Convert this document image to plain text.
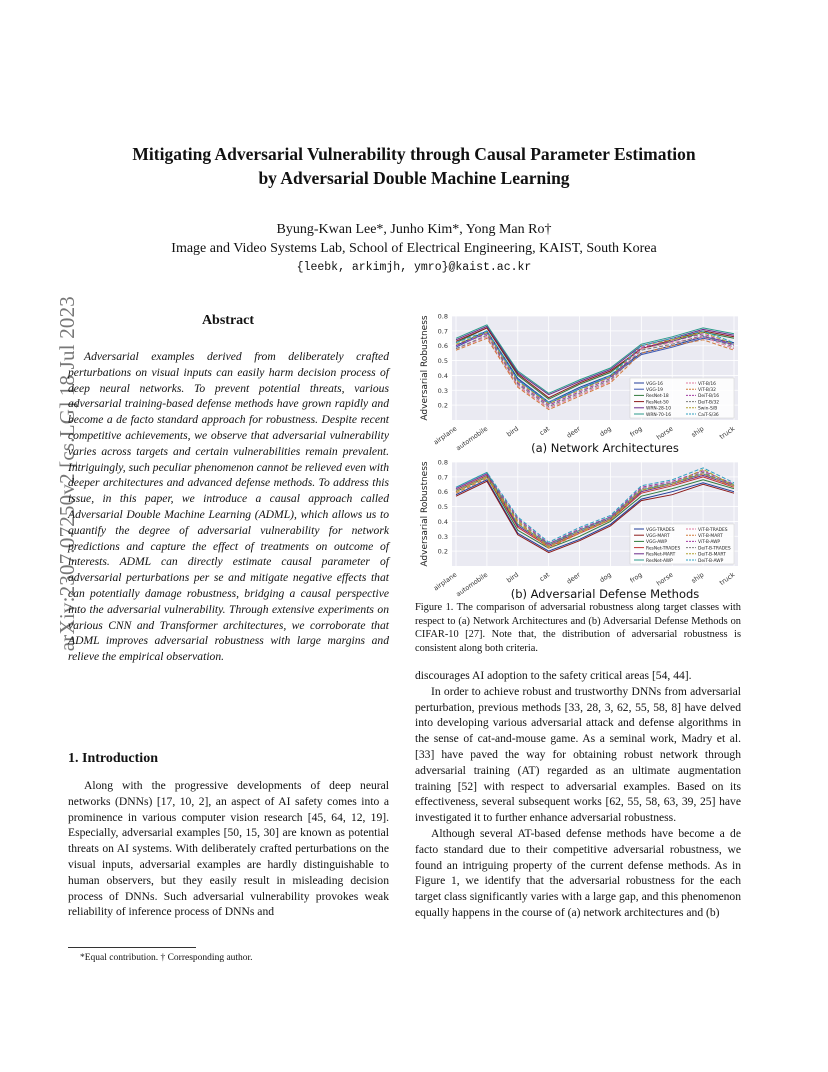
Mitigating Adversarial Vulnerability through Causal Parameter Estimation
by Adversarial Double Machine Learning
Byung-Kwan Lee*, Junho Kim*, Yong Man Ro†
Image and Video Systems Lab, School of Electrical Engineering, KAIST, South Korea
{leebk, arkimjh, ymro}@kaist.ac.kr
arXiv:2307.07250v2 [cs.LG] 18 Jul 2023	Abstract

Adversarial examples derived from deliberately crafted perturbations on visual inputs can easily harm decision process of deep neural networks. To prevent potential threats, various adversarial training-based defense methods have grown rapidly and become a de facto standard approach for robustness. Despite recent competitive achievements, we observe that adversarial vulnerability varies across targets and certain vulnerabilities remain prevalent. Intriguingly, such peculiar phenomenon cannot be relieved even with deeper architectures and advanced defense methods. To address this issue, in this paper, we introduce a causal approach called Adversarial Double Machine Learning (ADML), which allows us to quantify the degree of adversarial vulnerability for network predictions and capture the effect of treatments on outcome of interests. ADML can directly estimate causal parameter of adversarial perturbations per se and mitigate negative effects that can potentially damage robustness, bridging a causal perspective into the adversarial vulnerability. Through extensive experiments on various CNN and Transformer architectures, we corroborate that ADML improves adversarial robustness with large margins and relieve the empirical observation.

1. Introduction

Along with the progressive developments of deep neural networks (DNNs) [17, 10, 2], an aspect of AI safety comes into a prominence in various computer vision research [45, 64, 12, 19]. Especially, adversarial examples [50, 15, 30] are known as potential threats on AI systems. With deliberately crafted perturbations on the visual inputs, adversarial examples are hardly distinguishable to human observers, but they easily result in misleading decision process of DNNs. Such adversarial vulnerability provokes weak reliability of inference process of DNNs and

*Equal contribution. † Corresponding author.
0.2
0.3
0.4
0.5
0.6
0.7
0.8
airplane
automobile bird	cat deer	dog frog horse ship truck
VGG-16
VGG-19
ResNet-18
ResNet-50
WRN-28-10
WRN-70-16
ViT-B/16
ViT-B/32
DeiT-B/16
DeiT-B/32
Swin-S/B
CaiT-S/36
Adversarial Robustness
(a) Network Architectures
0.2
0.3
0.4
0.5
0.6
0.7
0.8
airplane
automobile bird	cat deer	dog frog horse ship truck
VGG-TRADES
VGG-MART
VGG-AWP
ResNet-TRADES
ResNet-MART
ResNet-AWP
ViT-B-TRADES
ViT-B-MART
ViT-B-AWP
DeiT-B-TRADES
DeiT-B-MART
DeiT-B-AWP
Adversarial Robustness
(b) Adversarial Defense Methods
Figure 1. The comparison of adversarial robustness along target classes with respect to (a) Network Architectures and (b) Adversarial Defense Methods on CIFAR-10 [27]. Note that, the distribution of adversarial robustness is consistent along both criteria.

discourages AI adoption to the safety critical areas [54, 44].

In order to achieve robust and trustworthy DNNs from adversarial perturbation, previous methods [33, 28, 3, 62, 55, 58, 8] have delved into developing various adversarial attack and defense algorithms in the sense of cat-and-mouse game. As a seminal work, Madry et al. [33] have paved the way for obtaining robust network through adversarial training (AT) regarded as an ultimate augmentation training [52] with respect to adversarial examples. Based on its effectiveness, several subsequent works [62, 55, 58, 63, 39, 25] have investigated it to further enhance adversarial robustness.

Although several AT-based defense methods have become a de facto standard due to their competitive adversarial robustness, we found an intriguing property of the current defense methods. As in Figure 1, we identify that the adversarial robustness for the each target class significantly varies with a large gap, and this phenomenon equally happens in the course of (a) network architectures and (b)
